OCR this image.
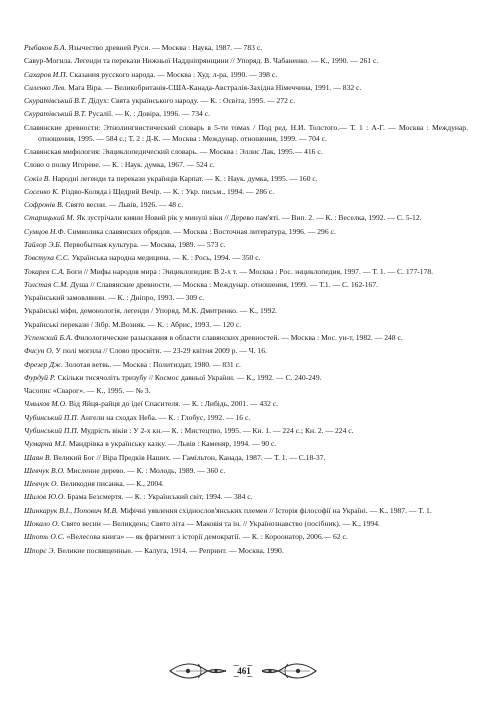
Рыбаков Б.А. Язычество древней Руси. — Москва : Наука, 1987. — 783 с.

Савур-Могила. Легенди та перекази Нижньої Наддніпрянщини // Упоряд. В. Чабаненко. — К., 1990. — 261 с.

Сахаров И.П. Сказания русского народа. — Москва : Худ. л-ра, 1990. — 398 с.

Силенко Лев. Мага Віра. — Великобританія-США-Канада-Австралія-Західна Німеччина, 1991. — 832 с.

Скуратівський В.Т. Дідух: Свята українського народу. — К. : Освіта, 1995. — 272 с.

Скуратівський В.Т. Русалії. — К. : Довіра, 1996. — 734 с.

Славянские древности: Этнолингвистический словарь в 5-ти томах / Под ред. Н.И. Толстого.— Т. 1 : А-Г. — Москва : Междунар. отношения, 1995. — 584 с.; Т. 2 : Д-К. — Москва : Междунар. отношения, 1999. — 704 с.

Славянская мифология: Энциклопедический словарь. — Москва : Эллис Лак, 1995.— 416 с.

Слово о полку Игореве. — К. : Наук. думка, 1967. — 524 с.

Сокіл В. Народні легенди та перекази українців Карпат. — К. : Наук. думка, 1995. — 160 с.

Сосенко К. Різдво-Коляда і Щедрий Вечір. — К. : Укр. письм., 1994. — 286 с.

Софронів В. Свято весни. — Львів, 1926. — 48 с.

Старицький М. Як зустрічали кияни Новий рік у минулі віки // Дерево пам'яті. — Вип. 2. — К. : Веселка, 1992. — С. 5-12.

Сумцов Н.Ф. Символика славянских обрядов. — Москва : Восточная литература, 1996. — 296 с.

Тайлор Э.Б. Первобытная культура. — Москва, 1989. — 573 с.

Товстуха Є.С. Українська народна медицина. — К. : Рось, 1994. — 350 с.

Токарев С.А. Боги // Мифы народов мира : Энциклопедия: В 2-х т. — Москва : Рос. энциклопедия, 1997. — Т. 1. — С. 177-178.

Толстая С.М. Душа // Славянские древности. — Москва : Междунар. отношения, 1999. — Т.1. — С. 162-167.

Український замовлянни. — К. : Дніпро, 1993. — 309 с.

Українські міфи, демонологія, легенди / Упоряд. М.К. Дмитренко. — К., 1992.

Українські перекази / Зібр. М.Возняк. — К. : Абрис, 1993. — 120 с.

Успенский Б.А. Филологические разыскания в области славянских древностей. — Москва : Мос. ун-т, 1982. — 248 с.

Фисун О. У полі могила // Слово просвіти. — 23-29 квітня 2009 р. — Ч. 16.

Фрезер Дж. Золотая ветвь. — Москва : Политиздат, 1980. — 831 с.

Фурдуй Р. Скільки тисячоліть тризубу // Космос давньої України. — К., 1992. — С. 240-249.

Часопис «Сварог». — К., 1995. — № 3.

Чмыхов М.О. Від Яйця-райця до ідеї Спасителя. — К. : Либідь, 2001. — 432 с.

Чубинський П.П. Ангели на сходах Неба. — К. : Глобус, 1992. — 16 с.

Чубинський П.П. Мудрість віків : У 2-х кн.— К. : Мистецтво, 1995. — Кн. 1. — 224 с.; Кн. 2. — 224 с.

Чумарна М.І. Мандрівка в українську казку. — Львів : Каменяр, 1994. — 90 с.

Шаян В. Великий Бог // Віра Предків Наших. — Гамільтон, Канада, 1987. — Т. 1. — С.18-37.

Шевчук В.О. Мисленне дерево. — К. : Молодь, 1989. — 360 с.

Шевчук О. Великодня писанка. — К., 2004.

Шилов Ю.О. Брама Безсмертя. — К. : Український світ, 1994. — 384 с.

Шинкарук В.І., Попович М.В. Міфічні уявлення східнослов'янських племен // Історія філософії на Україні. — К., 1987. — Т. 1.

Шокало О. Свято весни — Великдень; Свято літа — Маковія та ін. // Українознавство (посібник). — К., 1994.

Шпоть О.С. «Велесова книга» — як фрагмент з історії демократії. — К. : Короонатор, 2006.— 62 с.

Шпорє Э. Великие посвященные. — Калуга, 1914. — Репринт. — Москва, 1990.

461
